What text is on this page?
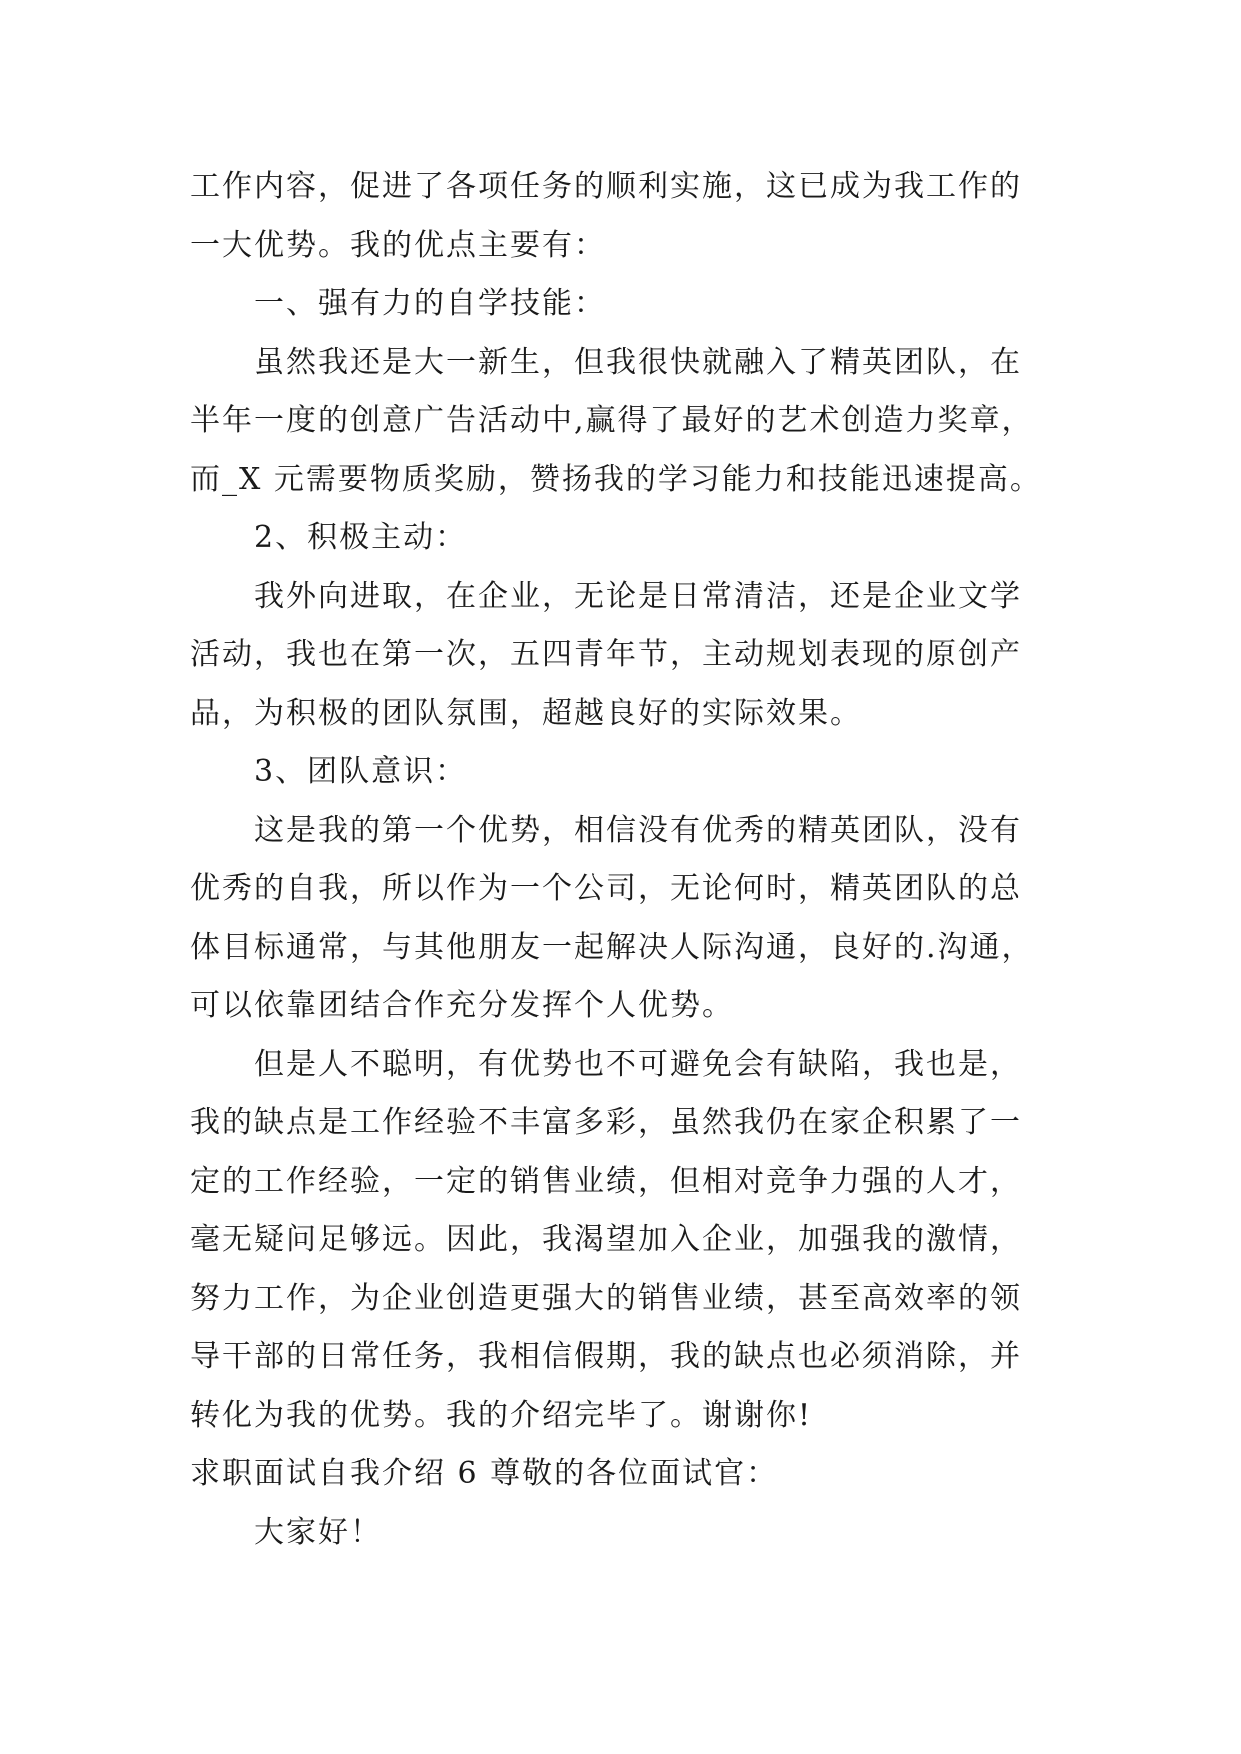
工作内容，促进了各项任务的顺利实施，这已成为我工作的
一大优势。我的优点主要有：
一、强有力的自学技能：
虽然我还是大一新生，但我很快就融入了精英团队，在
半年一度的创意广告活动中,赢得了最好的艺术创造力奖章，
而_X 元需要物质奖励，赞扬我的学习能力和技能迅速提高。
2、积极主动：
我外向进取，在企业，无论是日常清洁，还是企业文学
活动，我也在第一次，五四青年节，主动规划表现的原创产
品，为积极的团队氛围，超越良好的实际效果。
3、团队意识：
这是我的第一个优势，相信没有优秀的精英团队，没有
优秀的自我，所以作为一个公司，无论何时，精英团队的总
体目标通常，与其他朋友一起解决人际沟通，良好的.沟通，
可以依靠团结合作充分发挥个人优势。
但是人不聪明，有优势也不可避免会有缺陷，我也是，
我的缺点是工作经验不丰富多彩，虽然我仍在家企积累了一
定的工作经验，一定的销售业绩，但相对竞争力强的人才，
毫无疑问足够远。因此，我渴望加入企业，加强我的激情，
努力工作，为企业创造更强大的销售业绩，甚至高效率的领
导干部的日常任务，我相信假期，我的缺点也必须消除，并
转化为我的优势。我的介绍完毕了。谢谢你!
求职面试自我介绍 6 尊敬的各位面试官：
大家好！
